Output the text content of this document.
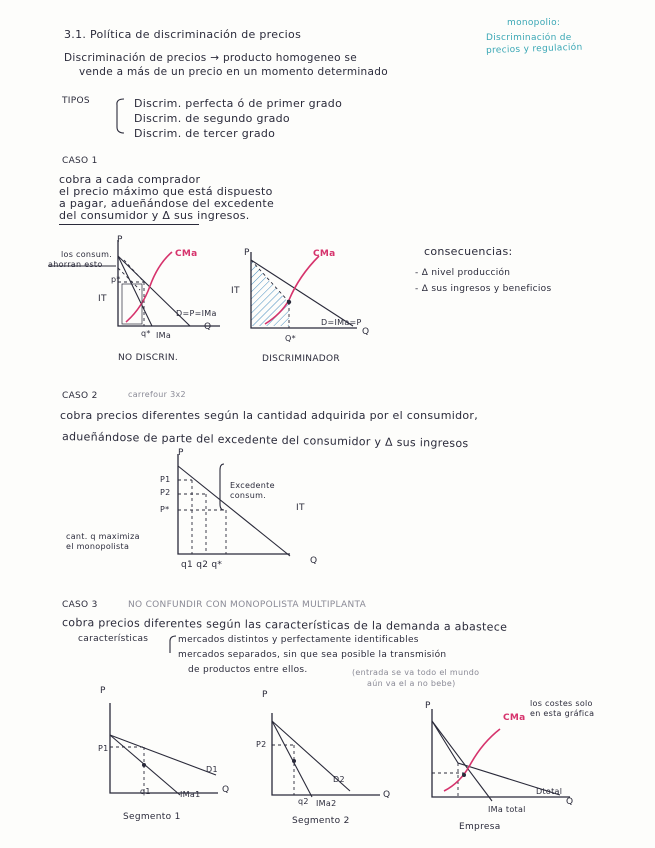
monopolio:
Discriminación de
precios y regulación
3.1. Política de discriminación de precios
Discriminación de precios → producto homogeneo se
vende a más de un precio en un momento determinado
TIPOS	Discrim. perfecta ó de primer grado
Discrim. de segundo grado
Discrim. de tercer grado
CASO 1
cobra a cada comprador
el precio máximo que está dispuesto
a pagar, adueñándose del excedente
del consumidor y Δ sus ingresos.
P
CMa
los consum.
ahorran esto
p*
IT
D=P=IMa
q* IMa
Q
NO DISCRIN.
P	CMa
IT
D=IMa=P
Q*
Q
DISCRIMINADOR
consecuencias:
- Δ nivel producción
- Δ sus ingresos y beneficios
CASO 2	carrefour 3x2
cobra precios diferentes según la cantidad adquirida por el consumidor,
adueñándose de parte del excedente del consumidor y Δ sus ingresos
P
P1
P2
P*
Excedente
consum.
IT
cant. q maximiza
el monopolista
q1 q2 q*	Q
CASO 3	NO CONFUNDIR CON MONOPOLISTA MULTIPLANTA
cobra precios diferentes según las características de la demanda a abastece
características	mercados distintos y perfectamente identificables
mercados separados, sin que sea posible la transmisión
de productos entre ellos.	(entrada se va todo el mundo
aún va el a no bebe)
P
P1
D1
q1	IMa1 Q
Segmento 1
P
P2
D2
q2 IMa2
Q
Segmento 2
P	los costes solo
en esta gráfica
CMa
Dtotal
IMa total
Q
Empresa
